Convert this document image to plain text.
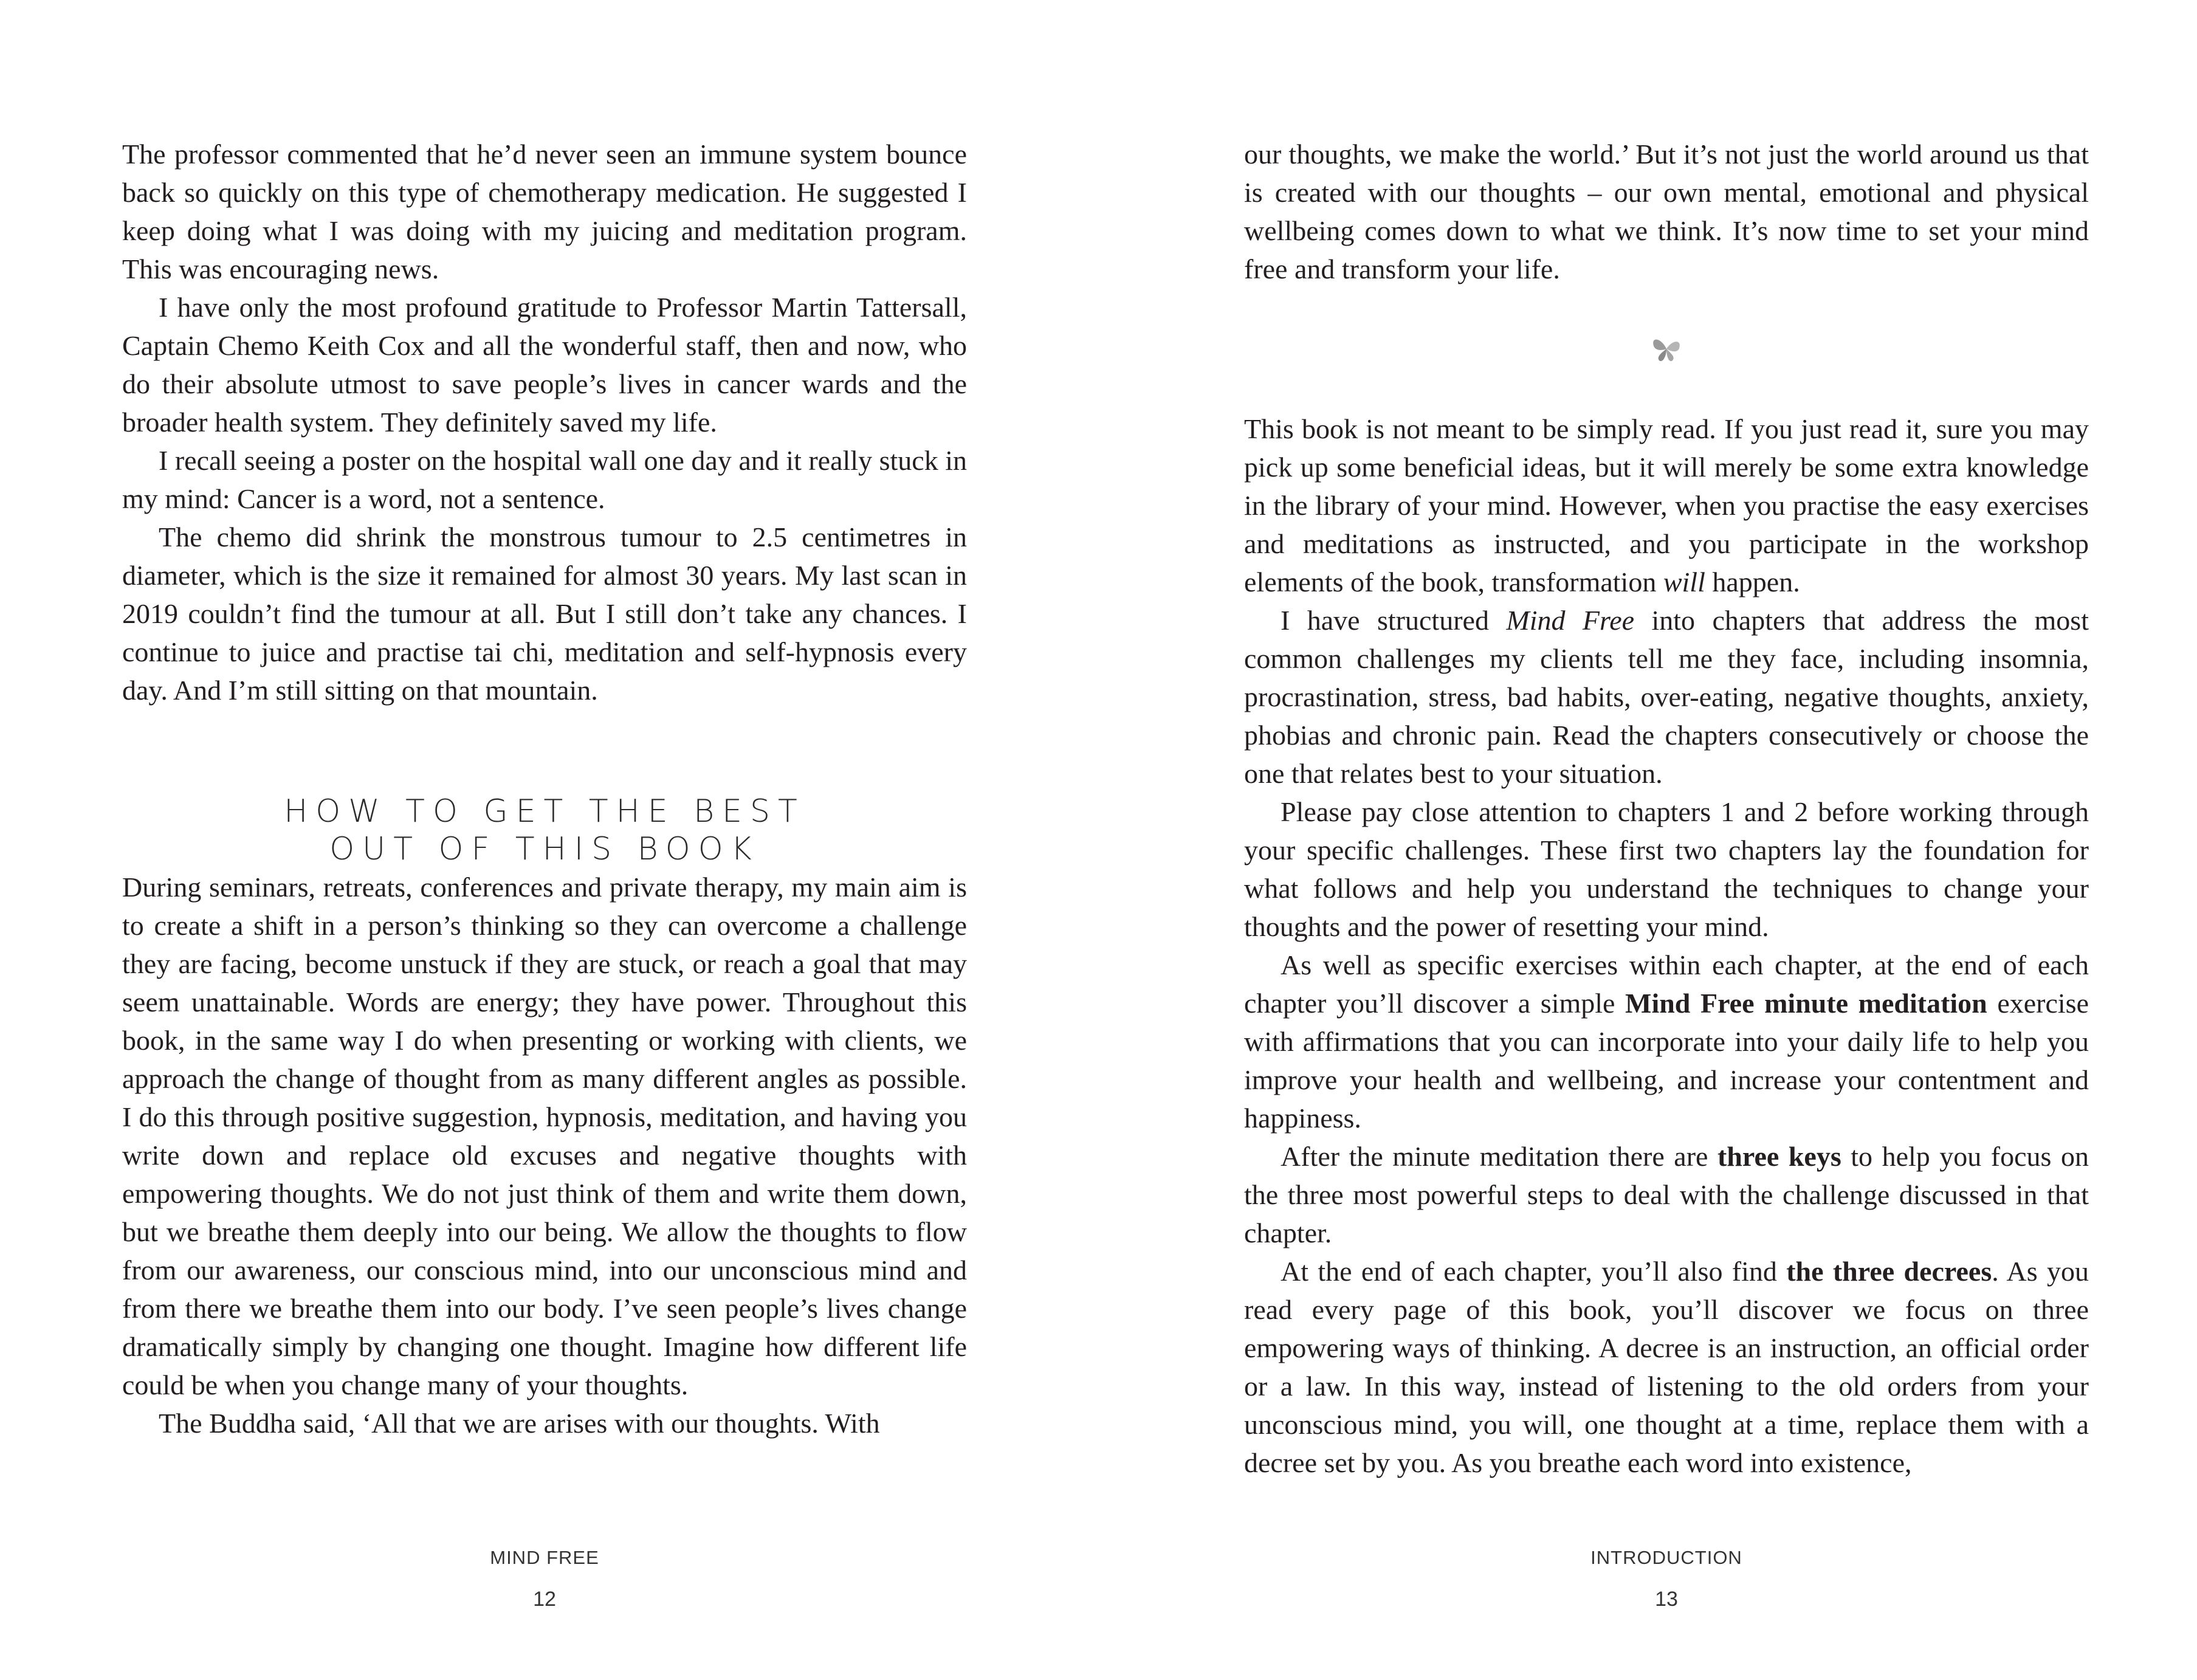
The professor commented that he’d never seen an immune system bounce back so quickly on this type of chemotherapy medication. He suggested I keep doing what I was doing with my juicing and meditation program. This was encouraging news.

I have only the most profound gratitude to Professor Martin Tattersall, Captain Chemo Keith Cox and all the wonderful staff, then and now, who do their absolute utmost to save people’s lives in cancer wards and the broader health system. They definitely saved my life.

I recall seeing a poster on the hospital wall one day and it really stuck in my mind: Cancer is a word, not a sentence.

The chemo did shrink the monstrous tumour to 2.5 centimetres in diameter, which is the size it remained for almost 30 years. My last scan in 2019 couldn’t find the tumour at all. But I still don’t take any chances. I continue to juice and practise tai chi, meditation and self-hypnosis every day. And I’m still sitting on that mountain.

HOW TO GET THE BEST
OUT OF THIS BOOK

During seminars, retreats, conferences and private therapy, my main aim is to create a shift in a person’s thinking so they can overcome a challenge they are facing, become unstuck if they are stuck, or reach a goal that may seem unattainable. Words are energy; they have power. Throughout this book, in the same way I do when presenting or working with clients, we approach the change of thought from as many different angles as possible. I do this through positive suggestion, hypnosis, meditation, and having you write down and replace old excuses and negative thoughts with empowering thoughts. We do not just think of them and write them down, but we breathe them deeply into our being. We allow the thoughts to flow from our awareness, our conscious mind, into our unconscious mind and from there we breathe them into our body. I’ve seen people’s lives change dramatically simply by changing one thought. Imagine how different life could be when you change many of your thoughts.

The Buddha said, ‘All that we are arises with our thoughts. With

MIND FREE
12

our thoughts, we make the world.’ But it’s not just the world around us that is created with our thoughts – our own mental, emotional and physical wellbeing comes down to what we think. It’s now time to set your mind free and transform your life.

This book is not meant to be simply read. If you just read it, sure you may pick up some beneficial ideas, but it will merely be some extra knowledge in the library of your mind. However, when you practise the easy exercises and meditations as instructed, and you participate in the workshop elements of the book, transformation will happen.

I have structured Mind Free into chapters that address the most common challenges my clients tell me they face, including insomnia, procrastination, stress, bad habits, over-eating, negative thoughts, anxiety, phobias and chronic pain. Read the chapters consecutively or choose the one that relates best to your situation.

Please pay close attention to chapters 1 and 2 before working through your specific challenges. These first two chapters lay the foundation for what follows and help you understand the techniques to change your thoughts and the power of resetting your mind.

As well as specific exercises within each chapter, at the end of each chapter you’ll discover a simple Mind Free minute meditation exercise with affirmations that you can incorporate into your daily life to help you improve your health and wellbeing, and increase your contentment and happiness.

After the minute meditation there are three keys to help you focus on the three most powerful steps to deal with the challenge discussed in that chapter.

At the end of each chapter, you’ll also find the three decrees. As you read every page of this book, you’ll discover we focus on three empowering ways of thinking. A decree is an instruction, an official order or a law. In this way, instead of listening to the old orders from your unconscious mind, you will, one thought at a time, replace them with a decree set by you. As you breathe each word into existence,

INTRODUCTION
13
